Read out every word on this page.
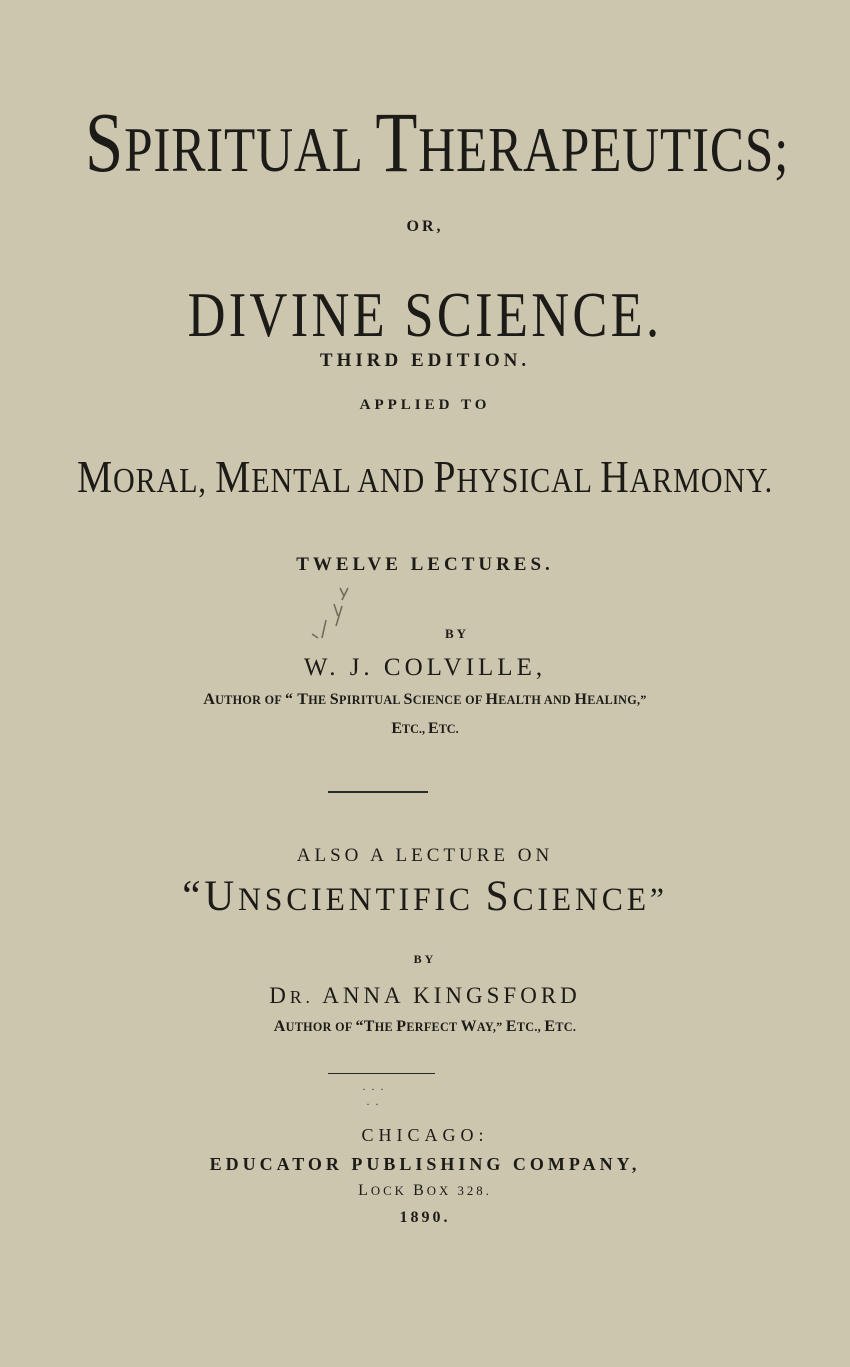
SPIRITUAL THERAPEUTICS;
OR,
DIVINE SCIENCE.
THIRD EDITION.
APPLIED TO
MORAL, MENTAL AND PHYSICAL HARMONY.
TWELVE LECTURES.
BY
W. J. COLVILLE,
AUTHOR OF “ THE SPIRITUAL SCIENCE OF HEALTH AND HEALING,”
ETC., ETC.
ALSO A LECTURE ON
“UNSCIENTIFIC SCIENCE”
BY
DR. ANNA KINGSFORD
AUTHOR OF “THE PERFECT WAY,” ETC., ETC.
· · ·
· ·
CHICAGO:
EDUCATOR PUBLISHING COMPANY,
LOCK BOX 328.
1890.
